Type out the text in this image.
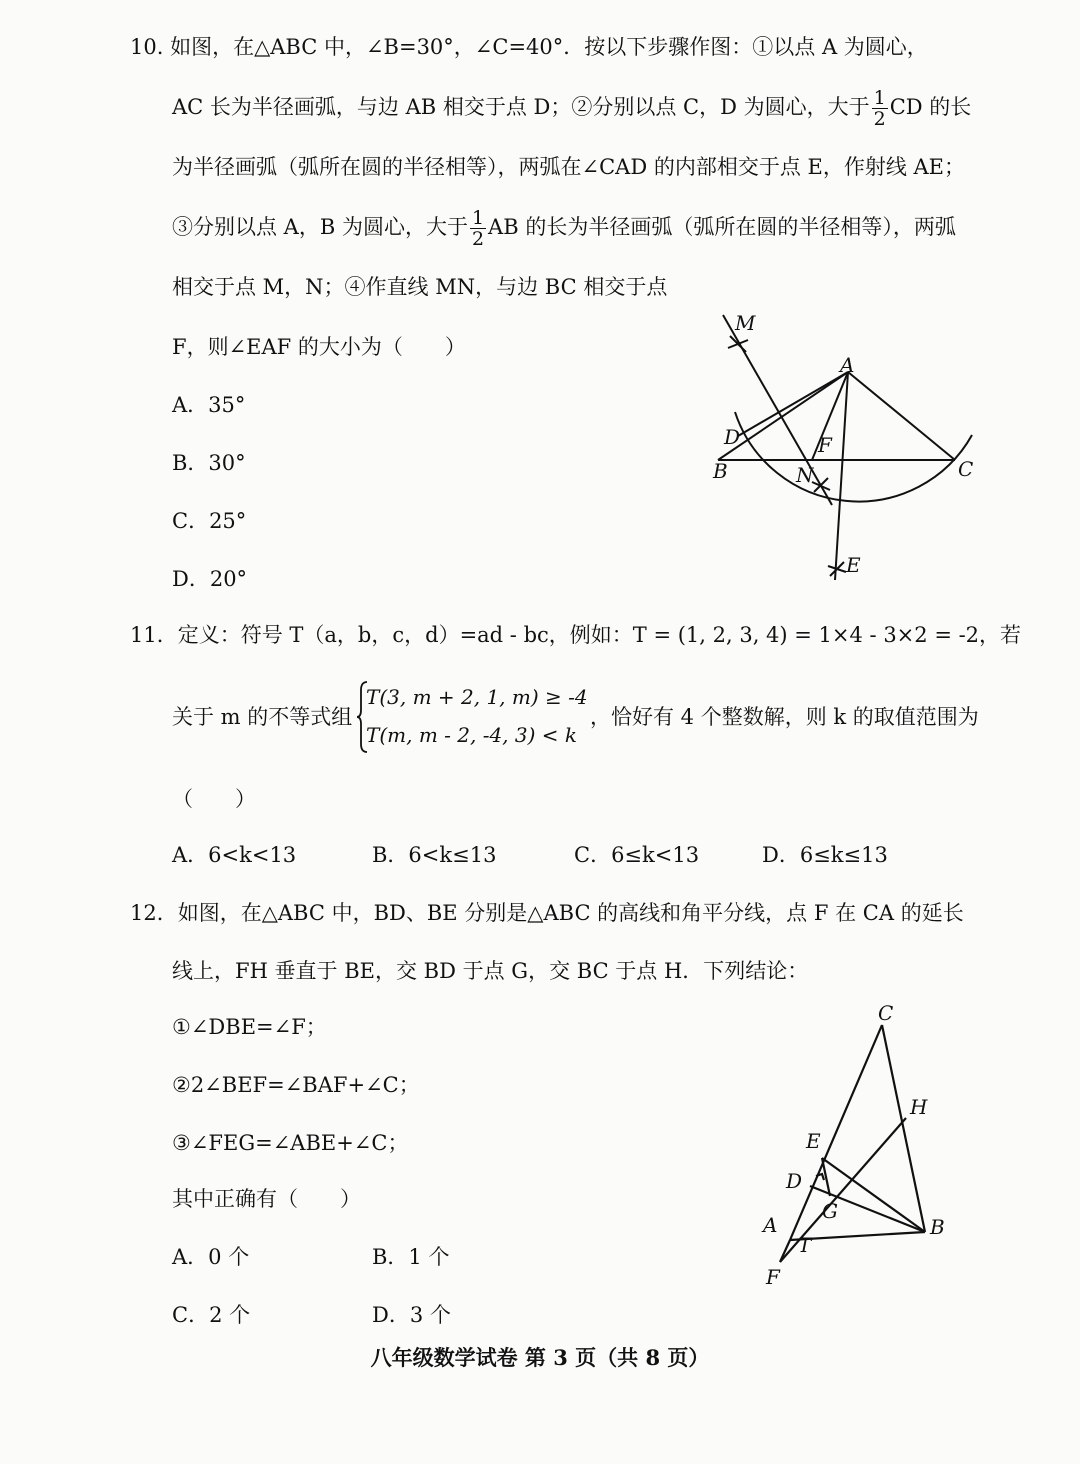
10. 如图，在△ABC 中，∠B=30°，∠C=40°．按以下步骤作图：①以点 A 为圆心，
AC 长为半径画弧，与边 AB 相交于点 D；②分别以点 C，D 为圆心，大于 $\frac{1}{2}$ CD 的长
为半径画弧（弧所在圆的半径相等），两弧在∠CAD 的内部相交于点 E，作射线 AE；
③分别以点 A，B 为圆心，大于 $\frac{1}{2}$ AB 的长为半径画弧（弧所在圆的半径相等），两弧
相交于点 M，N；④作直线 MN，与边 BC 相交于点
F，则∠EAF 的大小为（　　）
A．35°
B．30°
C．25°
D．20°
M
A
D	F
B	N	C
E
11．定义：符号 T（a，b，c，d）=ad - bc，例如：T = (1, 2, 3, 4) = 1×4 - 3×2 = -2，若
关于 m 的不等式组
T(3, m + 2, 1, m) ≥ -4
T(m, m - 2, -4, 3) < k
，恰好有 4 个整数解，则 k 的取值范围为
（　　）
A．6<k<13	B．6<k≤13	C．6≤k<13	D．6≤k≤13
12．如图，在△ABC 中，BD、BE 分别是△ABC 的高线和角平分线，点 F 在 CA 的延长
线上，FH 垂直于 BE，交 BD 于点 G，交 BC 于点 H．下列结论：
①∠DBE=∠F；
②2∠BEF=∠BAF+∠C；
③∠FEG=∠ABE+∠C；
其中正确有（　　）
A．0 个	B．1 个
C．2 个	D．3 个
C
H
E
D
G
A	B
T
F
八年级数学试卷 第 3 页（共 8 页）
